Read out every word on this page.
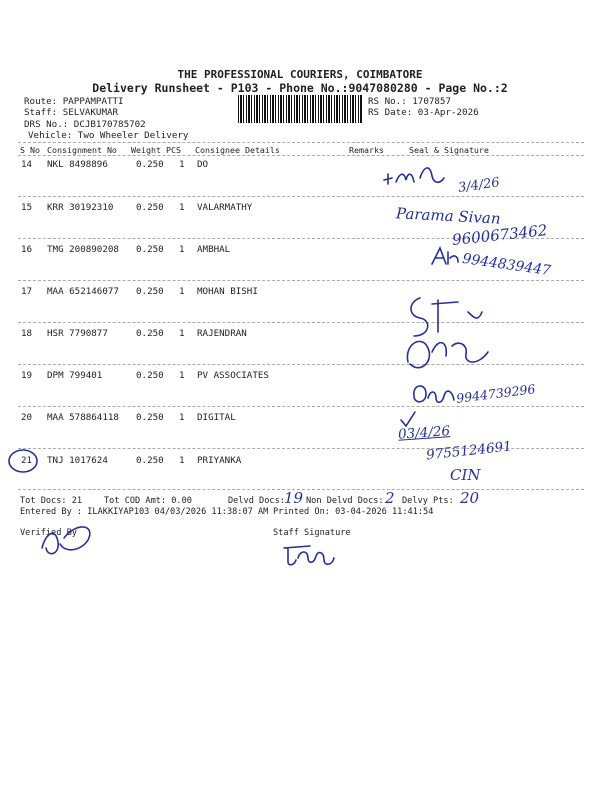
THE PROFESSIONAL COURIERS, COIMBATORE
Delivery Runsheet - P103 - Phone No.:9047080280 - Page No.:2
Route: PAPPAMPATTI
Staff: SELVAKUMAR
DRS No.: DCJB170785702
Vehicle: Two Wheeler Delivery
RS No.: 1707857
RS Date: 03-Apr-2026
S No Consignment No Weight PCS Consignee Details	Remarks	Seal & Signature
14 NKL 8498896	0.250 1 DO
15 KRR 30192310 0.250 1 VALARMATHY
16 TMG 200890208 0.250 1 AMBHAL
17 MAA 652146077 0.250 1 MOHAN BISHI
18 HSR 7790877	0.250 1 RAJENDRAN
19 DPM 799401	0.250 1 PV ASSOCIATES
20 MAA 578864118 0.250 1 DIGITAL
21 TNJ 1017624	0.250 1 PRIYANKA
3/4/26
Parama Sivan
9600673462
9944839447
9944739296
03/4/26
9755124691
CIN
Tot Docs: 21	Tot COD Amt: 0.00	Delvd Docs: 19 Non Delvd Docs: 2 Delvy Pts: 20
Entered By : ILAKKIYAP103 04/03/2026 11:38:07 AM Printed On: 03-04-2026 11:41:54
Verified By	Staff Signature
